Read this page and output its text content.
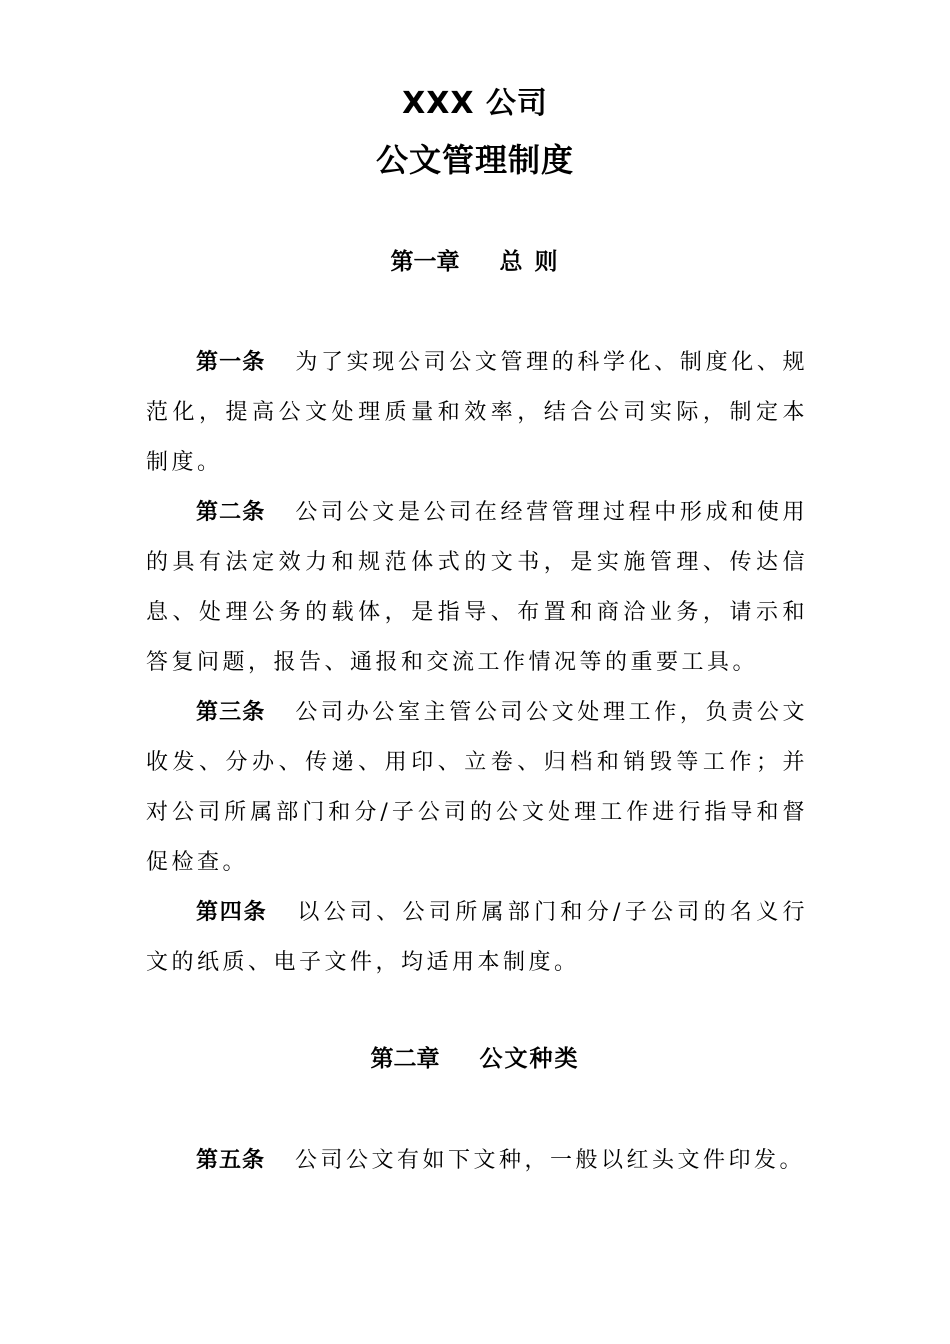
XXX 公司
公文管理制度
第一章 总 则
第一条 为了实现公司公文管理的科学化、制度化、规范化，提高公文处理质量和效率，结合公司实际，制定本制度。
第二条 公司公文是公司在经营管理过程中形成和使用的具有法定效力和规范体式的文书，是实施管理、传达信息、处理公务的载体，是指导、布置和商洽业务，请示和答复问题，报告、通报和交流工作情况等的重要工具。
第三条 公司办公室主管公司公文处理工作，负责公文收发、分办、传递、用印、立卷、归档和销毁等工作；并对公司所属部门和分/子公司的公文处理工作进行指导和督促检查。
第四条 以公司、公司所属部门和分/子公司的名义行文的纸质、电子文件，均适用本制度。
第二章 公文种类
第五条 公司公文有如下文种，一般以红头文件印发。
